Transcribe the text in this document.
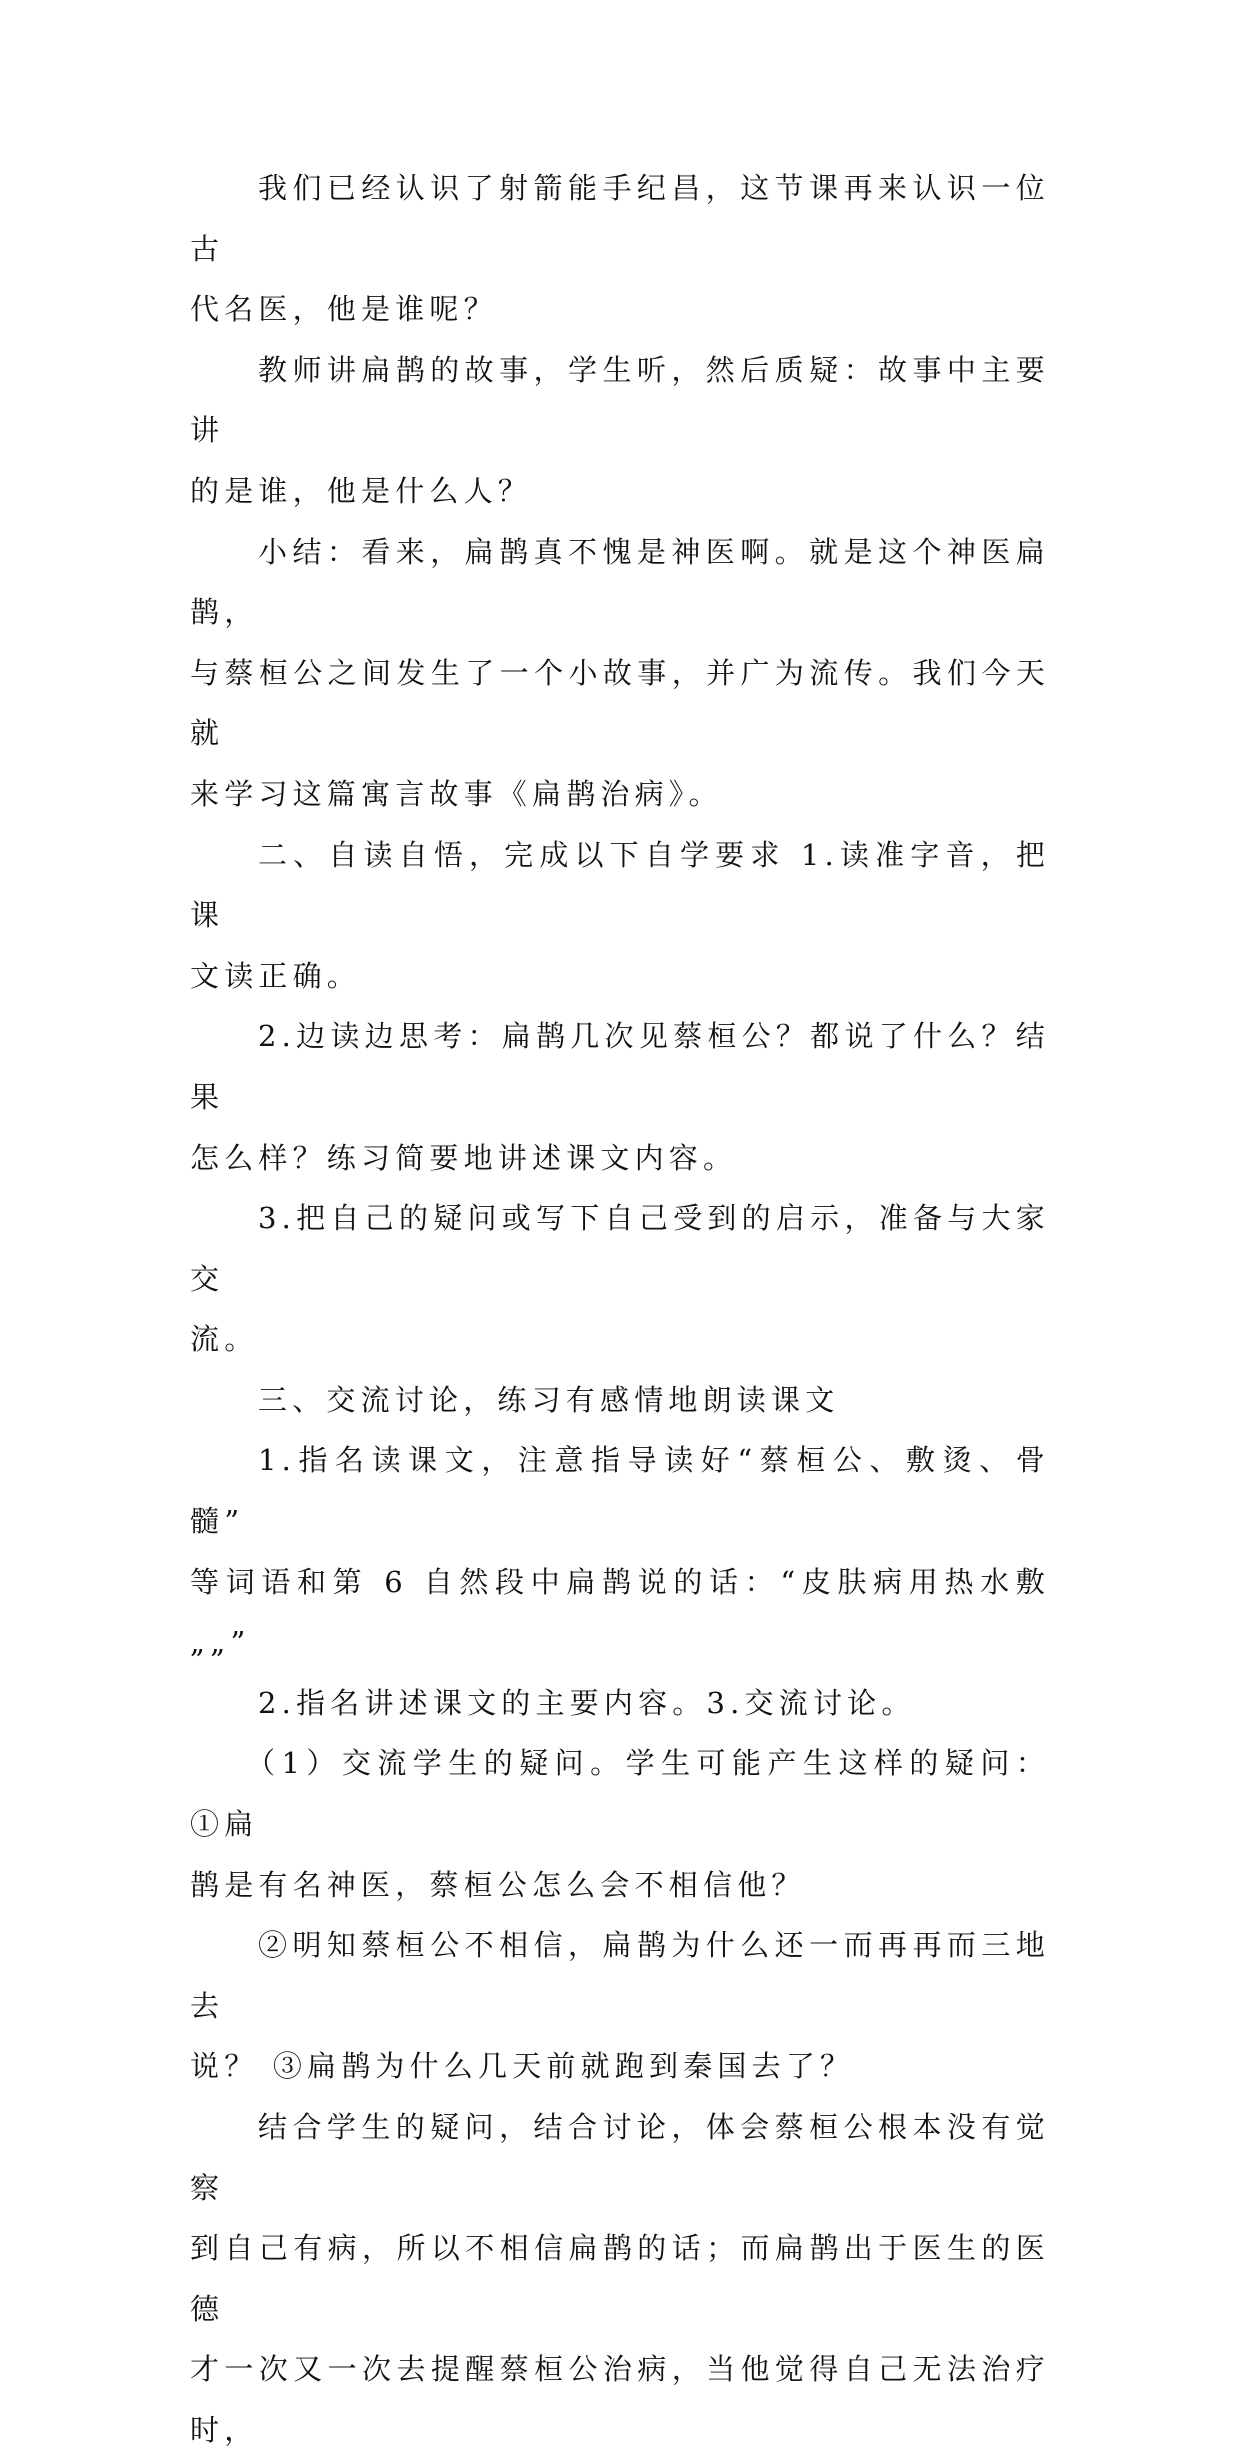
我们已经认识了射箭能手纪昌，这节课再来认识一位古
代名医，他是谁呢？

教师讲扁鹊的故事，学生听，然后质疑：故事中主要讲
的是谁，他是什么人？

小结：看来，扁鹊真不愧是神医啊。就是这个神医扁鹊，
与蔡桓公之间发生了一个小故事，并广为流传。我们今天就
来学习这篇寓言故事《扁鹊治病》。

二、自读自悟，完成以下自学要求 1.读准字音，把课
文读正确。

2.边读边思考：扁鹊几次见蔡桓公？都说了什么？结果
怎么样？练习简要地讲述课文内容。

3.把自己的疑问或写下自己受到的启示，准备与大家交
流。

三、交流讨论，练习有感情地朗读课文

1.指名读课文，注意指导读好“蔡桓公、敷烫、骨髓”
等词语和第 6 自然段中扁鹊说的话：“皮肤病用热水敷„„”

2.指名讲述课文的主要内容。3.交流讨论。

（1）交流学生的疑问。学生可能产生这样的疑问： ①扁
鹊是有名神医，蔡桓公怎么会不相信他？

②明知蔡桓公不相信，扁鹊为什么还一而再再而三地去
说？ ③扁鹊为什么几天前就跑到秦国去了？

结合学生的疑问，结合讨论，体会蔡桓公根本没有觉察
到自己有病，所以不相信扁鹊的话；而扁鹊出于医生的医德
才一次又一次去提醒蔡桓公治病，当他觉得自己无法治疗时，
